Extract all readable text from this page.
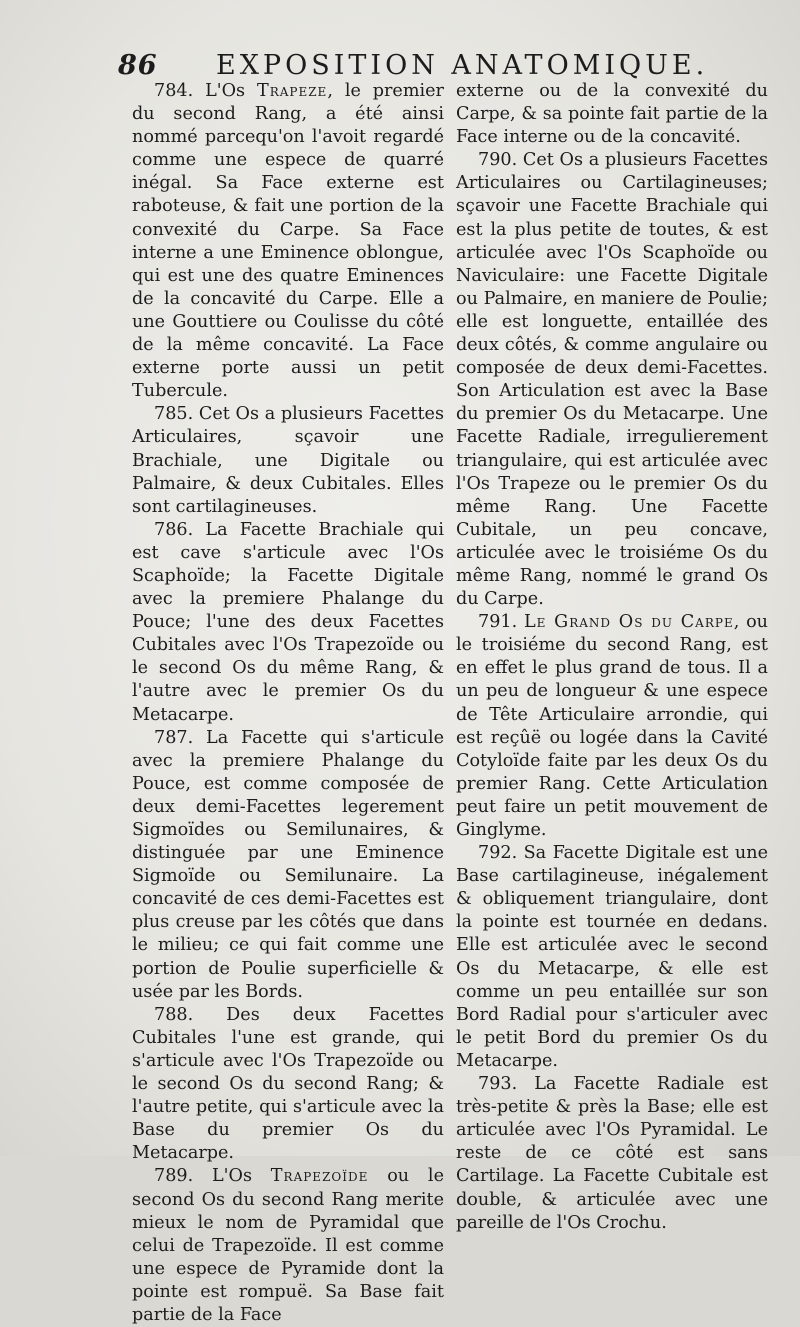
86 EXPOSITION ANATOMIQUE.

784. L'Os Trapeze, le premier du second Rang, a été ainsi nommé parcequ'on l'avoit regardé comme une espece de quarré inégal. Sa Face externe est raboteuse, & fait une portion de la convexité du Carpe. Sa Face interne a une Eminence oblongue, qui est une des quatre Eminences de la concavité du Carpe. Elle a une Gouttiere ou Coulisse du côté de la même concavité. La Face externe porte aussi un petit Tubercule.

785. Cet Os a plusieurs Facettes Articulaires, sçavoir une Brachiale, une Digitale ou Palmaire, & deux Cubitales. Elles sont cartilagineuses.

786. La Facette Brachiale qui est cave s'articule avec l'Os Scaphoïde; la Facette Digitale avec la premiere Phalange du Pouce; l'une des deux Facettes Cubitales avec l'Os Trapezoïde ou le second Os du même Rang, & l'autre avec le premier Os du Metacarpe.

787. La Facette qui s'articule avec la premiere Phalange du Pouce, est comme composée de deux demi-Facettes legerement Sigmoïdes ou Semilunaires, & distinguée par une Eminence Sigmoïde ou Semilunaire. La concavité de ces demi-Facettes est plus creuse par les côtés que dans le milieu; ce qui fait comme une portion de Poulie superficielle & usée par les Bords.

788. Des deux Facettes Cubitales l'une est grande, qui s'articule avec l'Os Trapezoïde ou le second Os du second Rang; & l'autre petite, qui s'articule avec la Base du premier Os du Metacarpe.

789. L'Os Trapezoïde ou le second Os du second Rang merite mieux le nom de Pyramidal que celui de Trapezoïde. Il est comme une espece de Pyramide dont la pointe est rompuë. Sa Base fait partie de la Face

externe ou de la convexité du Carpe, & sa pointe fait partie de la Face interne ou de la concavité.

790. Cet Os a plusieurs Facettes Articulaires ou Cartilagineuses; sçavoir une Facette Brachiale qui est la plus petite de toutes, & est articulée avec l'Os Scaphoïde ou Naviculaire: une Facette Digitale ou Palmaire, en maniere de Poulie; elle est longuette, entaillée des deux côtés, & comme angulaire ou composée de deux demi-Facettes. Son Articulation est avec la Base du premier Os du Metacarpe. Une Facette Radiale, irregulierement triangulaire, qui est articulée avec l'Os Trapeze ou le premier Os du même Rang. Une Facette Cubitale, un peu concave, articulée avec le troisiéme Os du même Rang, nommé le grand Os du Carpe.

791. Le Grand Os du Carpe, ou le troisiéme du second Rang, est en effet le plus grand de tous. Il a un peu de longueur & une espece de Tête Articulaire arrondie, qui est reçûë ou logée dans la Cavité Cotyloïde faite par les deux Os du premier Rang. Cette Articulation peut faire un petit mouvement de Ginglyme.

792. Sa Facette Digitale est une Base cartilagineuse, inégalement & obliquement triangulaire, dont la pointe est tournée en dedans. Elle est articulée avec le second Os du Metacarpe, & elle est comme un peu entaillée sur son Bord Radial pour s'articuler avec le petit Bord du premier Os du Metacarpe.

793. La Facette Radiale est très-petite & près la Base; elle est articulée avec l'Os Pyramidal. Le reste de ce côté est sans Cartilage. La Facette Cubitale est double, & articulée avec une pareille de l'Os Crochu.
